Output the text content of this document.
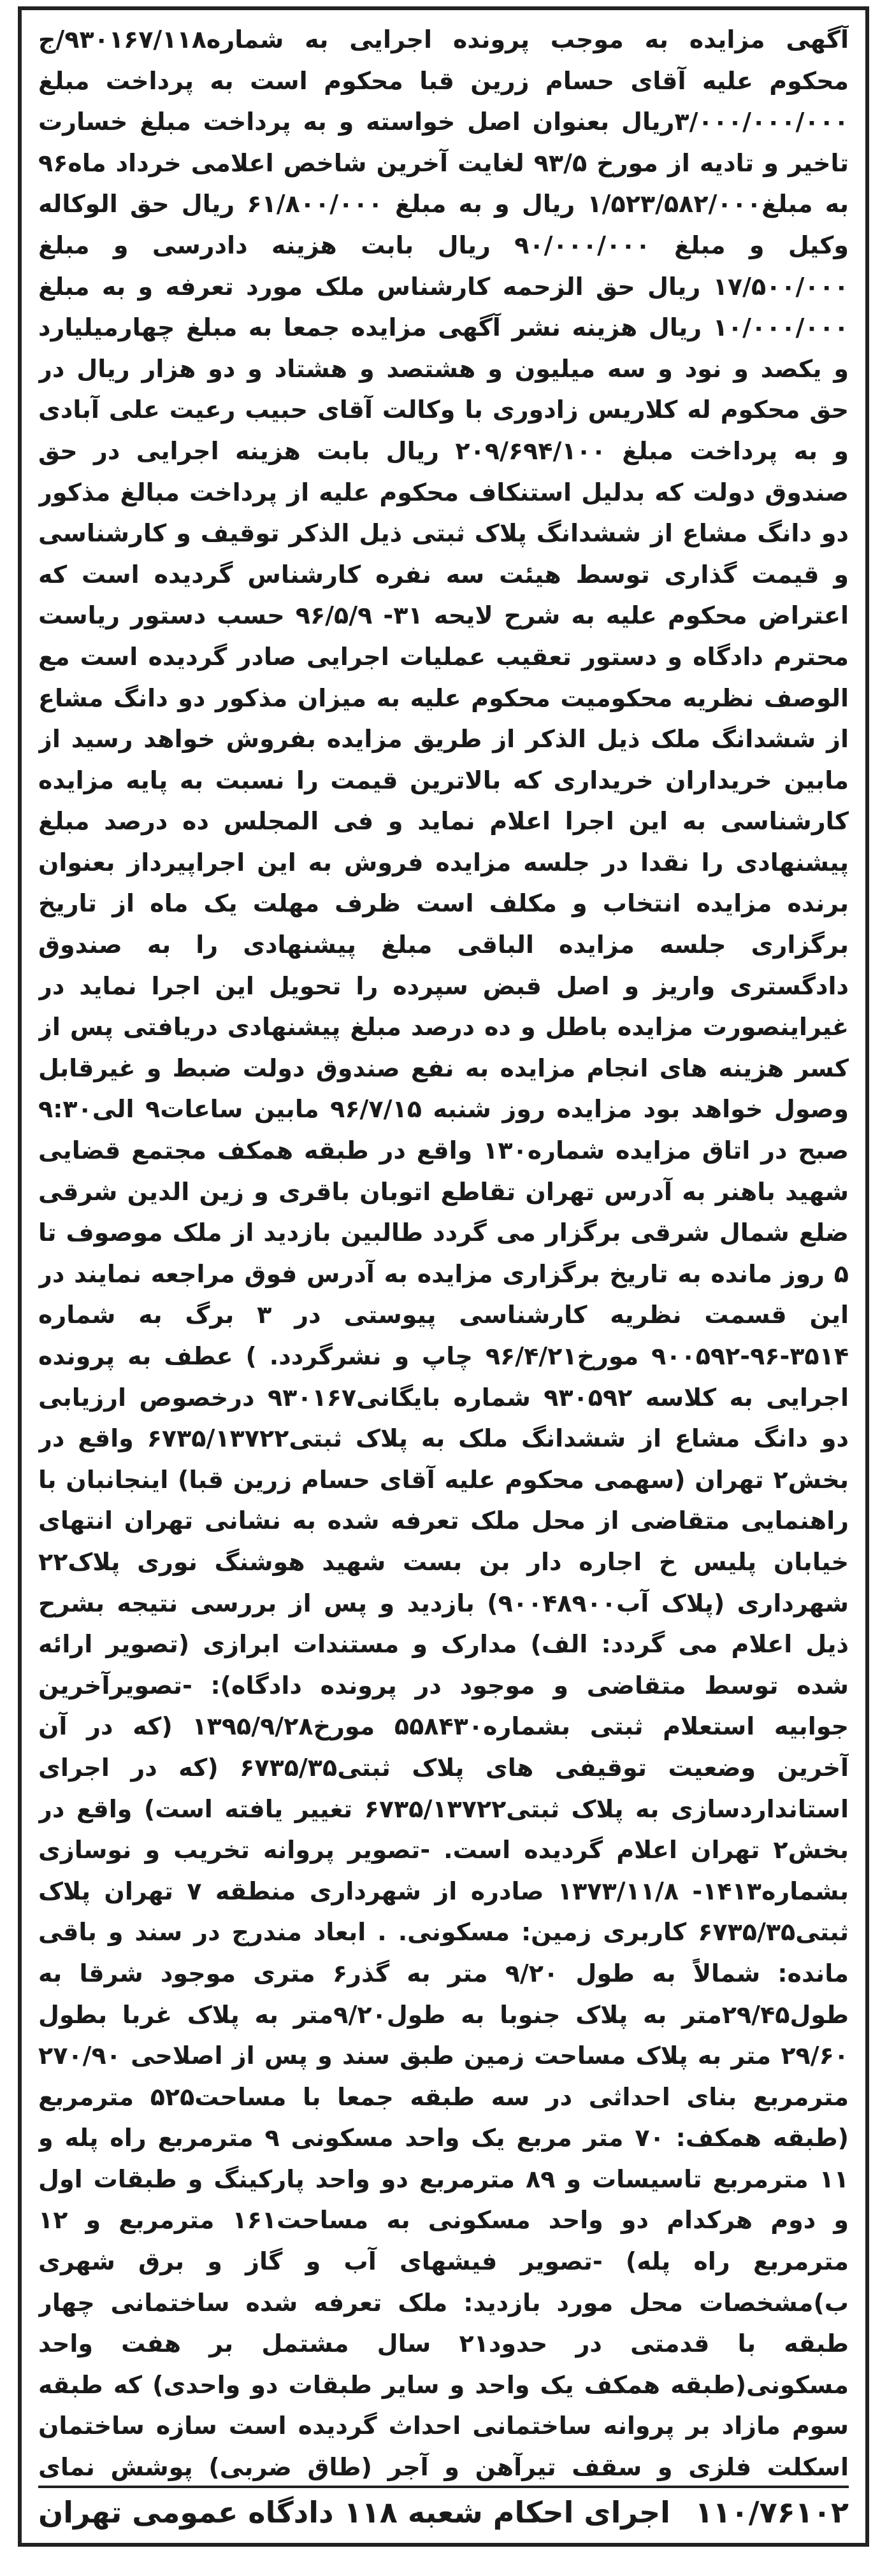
آگهی مزایده به موجب پرونده اجرایی به شماره۹۳۰۱۶۷/۱۱۸/ج محکوم علیه آقای حسام زرین قبا محکوم است به پرداخت مبلغ ۳/۰۰۰/۰۰۰/۰۰۰ریال بعنوان اصل خواسته و به پرداخت مبلغ خسارت تاخیر و تادیه از مورخ ۹۳/۵ لغایت آخرین شاخص اعلامی خرداد ماه۹۶ به مبلغ۱/۵۲۳/۵۸۲/۰۰۰ ریال و به مبلغ ۶۱/۸۰۰/۰۰۰ ریال حق الوکاله وکیل و مبلغ ۹۰/۰۰۰/۰۰۰ ریال بابت هزینه دادرسی و مبلغ ۱۷/۵۰۰/۰۰۰ ریال حق الزحمه کارشناس ملک مورد تعرفه و به مبلغ ۱۰/۰۰۰/۰۰۰ ریال هزینه نشر آگهی مزایده جمعا به مبلغ چهارمیلیارد و یکصد و نود و سه میلیون و هشتصد و هشتاد و دو هزار ریال در حق محکوم له کلاریس زادوری با وکالت آقای حبیب رعیت علی آبادی و به پرداخت مبلغ ۲۰۹/۶۹۴/۱۰۰ ریال بابت هزینه اجرایی در حق صندوق دولت که بدلیل استنکاف محکوم علیه از پرداخت مبالغ مذکور دو دانگ مشاع از ششدانگ پلاک ثبتی ذیل الذکر توقیف و کارشناسی و قیمت گذاری توسط هیئت سه نفره کارشناس گردیده است که اعتراض محکوم علیه به شرح لایحه ۳۱- ۹۶/۵/۹ حسب دستور ریاست محترم دادگاه و دستور تعقیب عملیات اجرایی صادر گردیده است مع الوصف نظریه محکومیت محکوم علیه به میزان مذکور دو دانگ مشاع از ششدانگ ملک ذیل الذکر از طریق مزایده بفروش خواهد رسید از مابین خریداران خریداری که بالاترین قیمت را نسبت به پایه مزایده کارشناسی به این اجرا اعلام نماید و فی المجلس ده درصد مبلغ پیشنهادی را نقدا در جلسه مزایده فروش به این اجراپیرداز بعنوان برنده مزایده انتخاب و مکلف است ظرف مهلت یک ماه از تاریخ برگزاری جلسه مزایده الباقی مبلغ پیشنهادی را به صندوق دادگستری واریز و اصل قبض سپرده را تحویل این اجرا نماید در غیراینصورت مزایده باطل و ده درصد مبلغ پیشنهادی دریافتی پس از کسر هزینه های انجام مزایده به نفع صندوق دولت ضبط و غیرقابل وصول خواهد بود مزایده روز شنبه ۹۶/۷/۱۵ مابین ساعات۹ الی۹:۳۰ صبح در اتاق مزایده شماره۱۳۰ واقع در طبقه همکف مجتمع قضایی شهید باهنر به آدرس تهران تقاطع اتوبان باقری و زین الدین شرقی ضلع شمال شرقی برگزار می گردد طالبین بازدید از ملک موصوف تا ۵ روز مانده به تاریخ برگزاری مزایده به آدرس فوق مراجعه نمایند در این قسمت نظریه کارشناسی پیوستی در ۳ برگ به شماره ۳۵۱۴-۹۶-۹۰۰۵۹۲ مورخ۹۶/۴/۲۱ چاپ و نشرگردد. ) عطف به پرونده اجرایی به کلاسه ۹۳۰۵۹۲ شماره بایگانی۹۳۰۱۶۷ درخصوص ارزیابی دو دانگ مشاع از ششدانگ ملک به پلاک ثبتی۶۷۳۵/۱۳۷۲۲ واقع در بخش۲ تهران (سهمی محکوم علیه آقای حسام زرین قبا) اینجانبان با راهنمایی متقاضی از محل ملک تعرفه شده به نشانی تهران انتهای خیابان پلیس خ اجاره دار بن بست شهید هوشنگ نوری پلاک۲۲ شهرداری (پلاک آب۹۰۰۴۸۹۰۰) بازدید و پس از بررسی نتیجه بشرح ذیل اعلام می گردد: الف) مدارک و مستندات ابرازی (تصویر ارائه شده توسط متقاضی و موجود در پرونده دادگاه): -تصویرآخرین جوابیه استعلام ثبتی بشماره۵۵۸۴۳۰ مورخ۱۳۹۵/۹/۲۸ (که در آن آخرین وضعیت توقیفی های پلاک ثبتی۶۷۳۵/۳۵ (که در اجرای استانداردسازی به پلاک ثبتی۶۷۳۵/۱۳۷۲۲ تغییر یافته است) واقع در بخش۲ تهران اعلام گردیده است. -تصویر پروانه تخریب و نوسازی بشماره۱۴۱۳- ۱۳۷۳/۱۱/۸ صادره از شهرداری منطقه ۷ تهران پلاک ثبتی۶۷۳۵/۳۵ کاربری زمین: مسکونی. . ابعاد مندرج در سند و باقی مانده: شمالاً به طول ۹/۲۰ متر به گذر۶ متری موجود شرقا به طول۲۹/۴۵متر به پلاک جنوبا به طول۹/۲۰متر به پلاک غربا بطول ۲۹/۶۰ متر به پلاک مساحت زمین طبق سند و پس از اصلاحی ۲۷۰/۹۰ مترمربع بنای احداثی در سه طبقه جمعا با مساحت۵۲۵ مترمربع (طبقه همکف: ۷۰ متر مربع یک واحد مسکونی ۹ مترمربع راه پله و ۱۱ مترمربع تاسیسات و ۸۹ مترمربع دو واحد پارکینگ و طبقات اول و دوم هرکدام دو واحد مسکونی به مساحت۱۶۱ مترمربع و ۱۲ مترمربع راه پله) -تصویر فیشهای آب و گاز و برق شهری ب)مشخصات محل مورد بازدید: ملک تعرفه شده ساختمانی چهار طبقه با قدمتی در حدود۲۱ سال مشتمل بر هفت واحد مسکونی(طبقه همکف یک واحد و سایر طبقات دو واحدی) که طبقه سوم مازاد بر پروانه ساختمانی احداث گردیده است سازه ساختمان اسکلت فلزی و سقف تیرآهن و آجر (طاق ضربی) پوشش نمای

اجرای احکام شعبه ۱۱۸ دادگاه عمومی تهران ۱۱۰/۷۶۱۰۲
